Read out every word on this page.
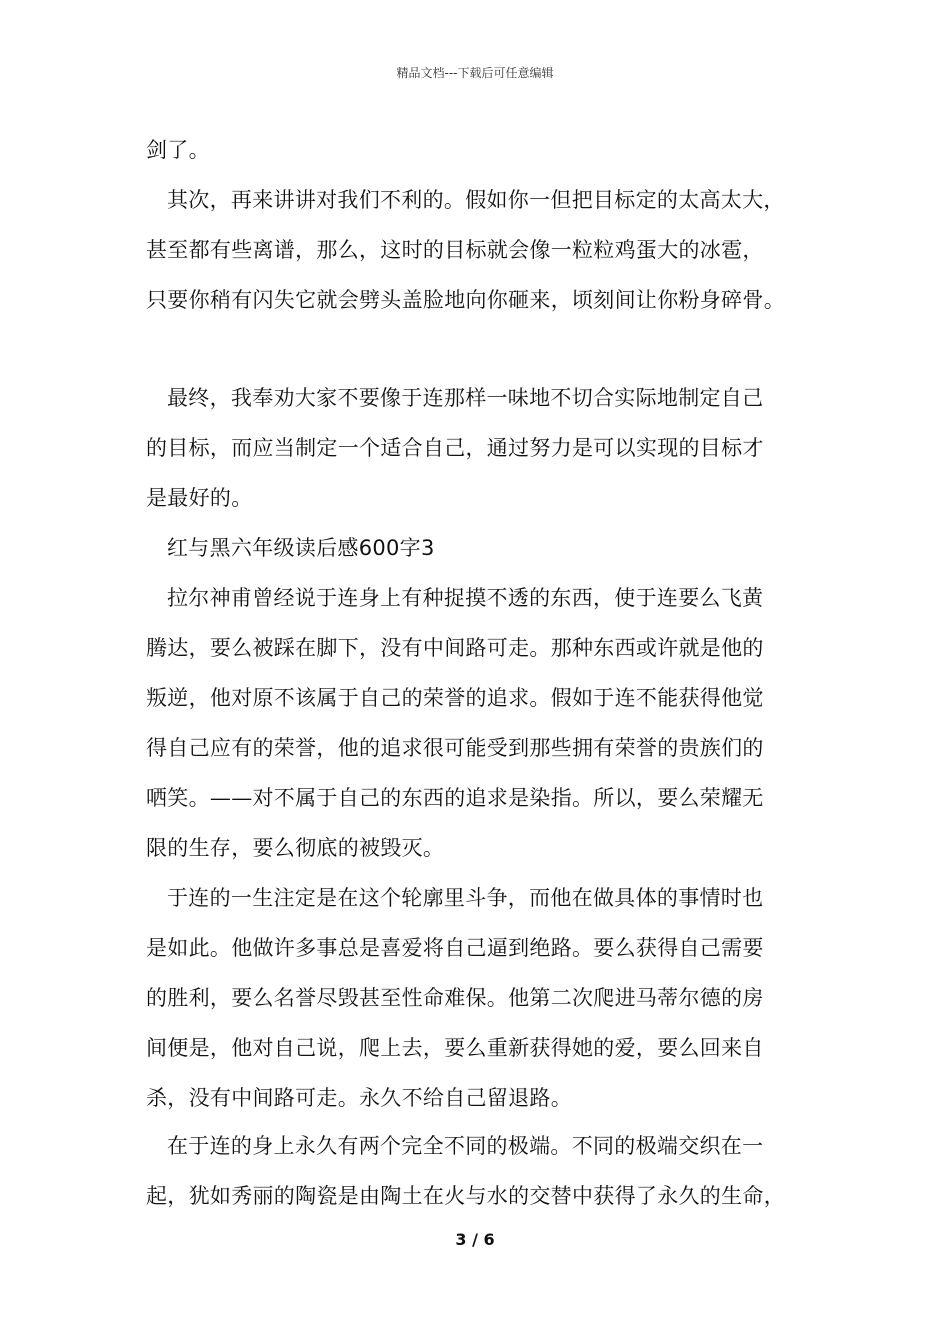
精品文档---下载后可任意编辑
剑了。
其次，再来讲讲对我们不利的。假如你一但把目标定的太高太大，
甚至都有些离谱，那么，这时的目标就会像一粒粒鸡蛋大的冰雹，
只要你稍有闪失它就会劈头盖脸地向你砸来，顷刻间让你粉身碎骨。
最终，我奉劝大家不要像于连那样一味地不切合实际地制定自己
的目标，而应当制定一个适合自己，通过努力是可以实现的目标才
是最好的。
红与黑六年级读后感600字3
拉尔神甫曾经说于连身上有种捉摸不透的东西，使于连要么飞黄
腾达，要么被踩在脚下，没有中间路可走。那种东西或许就是他的
叛逆，他对原不该属于自己的荣誉的追求。假如于连不能获得他觉
得自己应有的荣誉，他的追求很可能受到那些拥有荣誉的贵族们的
哂笑。——对不属于自己的东西的追求是染指。所以，要么荣耀无
限的生存，要么彻底的被毁灭。
于连的一生注定是在这个轮廓里斗争，而他在做具体的事情时也
是如此。他做许多事总是喜爱将自己逼到绝路。要么获得自己需要
的胜利，要么名誉尽毁甚至性命难保。他第二次爬进马蒂尔德的房
间便是，他对自己说，爬上去，要么重新获得她的爱，要么回来自
杀，没有中间路可走。永久不给自己留退路。
在于连的身上永久有两个完全不同的极端。不同的极端交织在一
起，犹如秀丽的陶瓷是由陶土在火与水的交替中获得了永久的生命，
3 / 6
